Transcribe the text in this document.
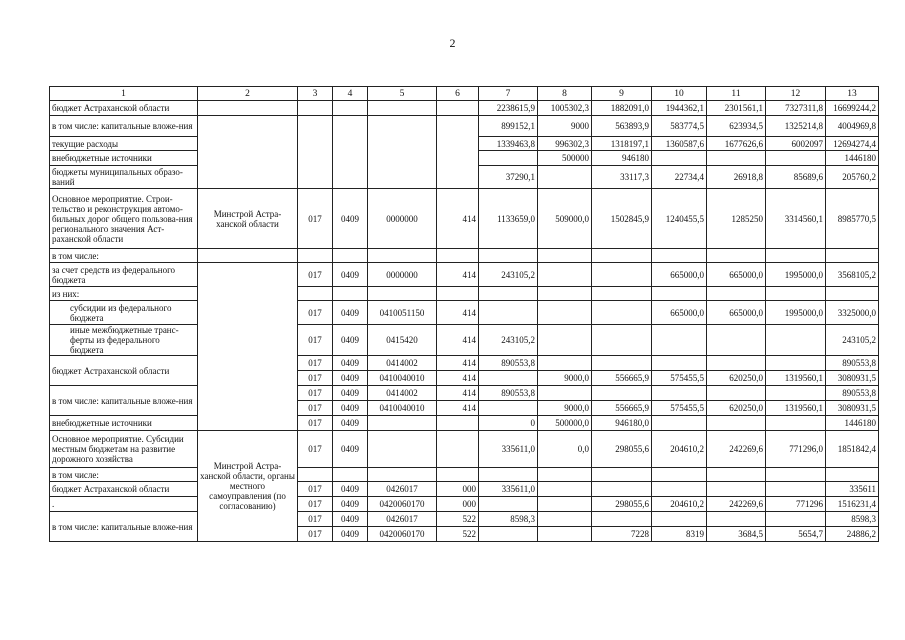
2
1	2	3	4	5	6	7	8	9	10	11	12	13
бюджет Астраханской области						2238615,9	1005302,3	1882091,0	1944362,1	2301561,1	7327311,8	16699244,2
в том числе: капитальные вложе-ния						899152,1	9000	563893,9	583774,5	623934,5	1325214,8	4004969,8
текущие расходы						1339463,8	996302,3	1318197,1	1360587,6	1677626,6	6002097	12694274,4
внебюджетные источники							500000	946180				1446180
бюджеты муниципальных образо-ваний						37290,1		33117,3	22734,4	26918,8	85689,6	205760,2
Основное мероприятие. Строи-тельство и реконструкция автомо-бильных дорог общего пользова-ния регионального значения Аст-раханской области	Минстрой Астра-ханской области	017	0409	0000000	414	1133659,0	509000,0	1502845,9	1240455,5	1285250	3314560,1	8985770,5
в том числе:												
за счет средств из федерального бюджета		017	0409	0000000	414	243105,2			665000,0	665000,0	1995000,0	3568105,2
из них:												
субсидии из федерального бюджета		017	0409	0410051150	414				665000,0	665000,0	1995000,0	3325000,0
иные межбюджетные транс-ферты из федерального бюджета		017	0409	0415420	414	243105,2						243105,2
бюджет Астраханской области		017	0409	0414002	414	890553,8						890553,8
		017	0409	0410040010	414		9000,0	556665,9	575455,5	620250,0	1319560,1	3080931,5
в том числе: капитальные вложе-ния		017	0409	0414002	414	890553,8						890553,8
		017	0409	0410040010	414		9000,0	556665,9	575455,5	620250,0	1319560,1	3080931,5
внебюджетные источники		017	0409			0	500000,0	946180,0				1446180
Основное мероприятие. Субсидии местным бюджетам на развитие дорожного хозяйства	Минстрой Астра-ханской области, органы местного самоуправления (по согласованию)	017	0409			335611,0	0,0	298055,6	204610,2	242269,6	771296,0	1851842,4
в том числе:												
бюджет Астраханской области		017	0409	0426017	000	335611,0						335611
.		017	0409	0420060170	000			298055,6	204610,2	242269,6	771296	1516231,4
в том числе: капитальные вложе-ния		017	0409	0426017	522	8598,3						8598,3
		017	0409	0420060170	522			7228	8319	3684,5	5654,7	24886,2
